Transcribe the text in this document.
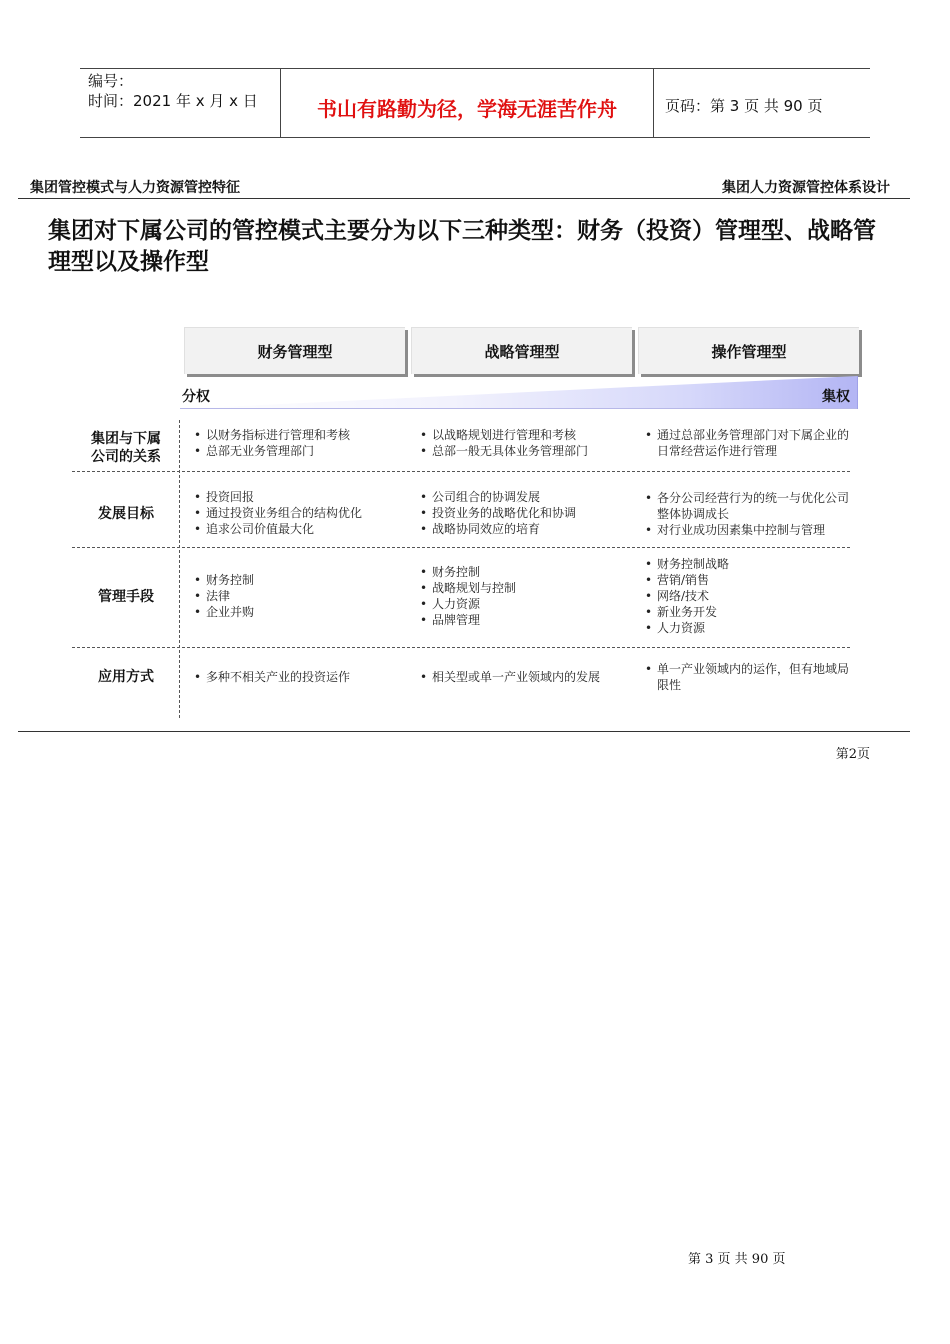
编号：
时间：2021 年 x 月 x 日	书山有路勤为径，学海无涯苦作舟	页码：第 3 页 共 90 页
集团管控模式与人力资源管控特征	集团人力资源管控体系设计
集团对下属公司的管控模式主要分为以下三种类型：财务（投资）管理型、战略管理型以及操作型
财务管理型	战略管理型	操作管理型
分权	集权
集团与下属公司的关系
发展目标
管理手段
应用方式
• 以财务指标进行管理和考核
• 总部无业务管理部门
• 以战略规划进行管理和考核
• 总部一般无具体业务管理部门
• 通过总部业务管理部门对下属企业的日常经营运作进行管理
• 投资回报
• 通过投资业务组合的结构优化
• 追求公司价值最大化
• 公司组合的协调发展
• 投资业务的战略优化和协调
• 战略协同效应的培育
• 各分公司经营行为的统一与优化公司整体协调成长
• 对行业成功因素集中控制与管理
• 财务控制
• 法律
• 企业并购
• 财务控制
• 战略规划与控制
• 人力资源
• 品牌管理
• 财务控制战略
• 营销/销售
• 网络/技术
• 新业务开发
• 人力资源
• 多种不相关产业的投资运作
•	相关型或单一产业领域内的发展
• 单一产业领域内的运作，但有地域局限性
第2页
第 3 页 共 90 页
